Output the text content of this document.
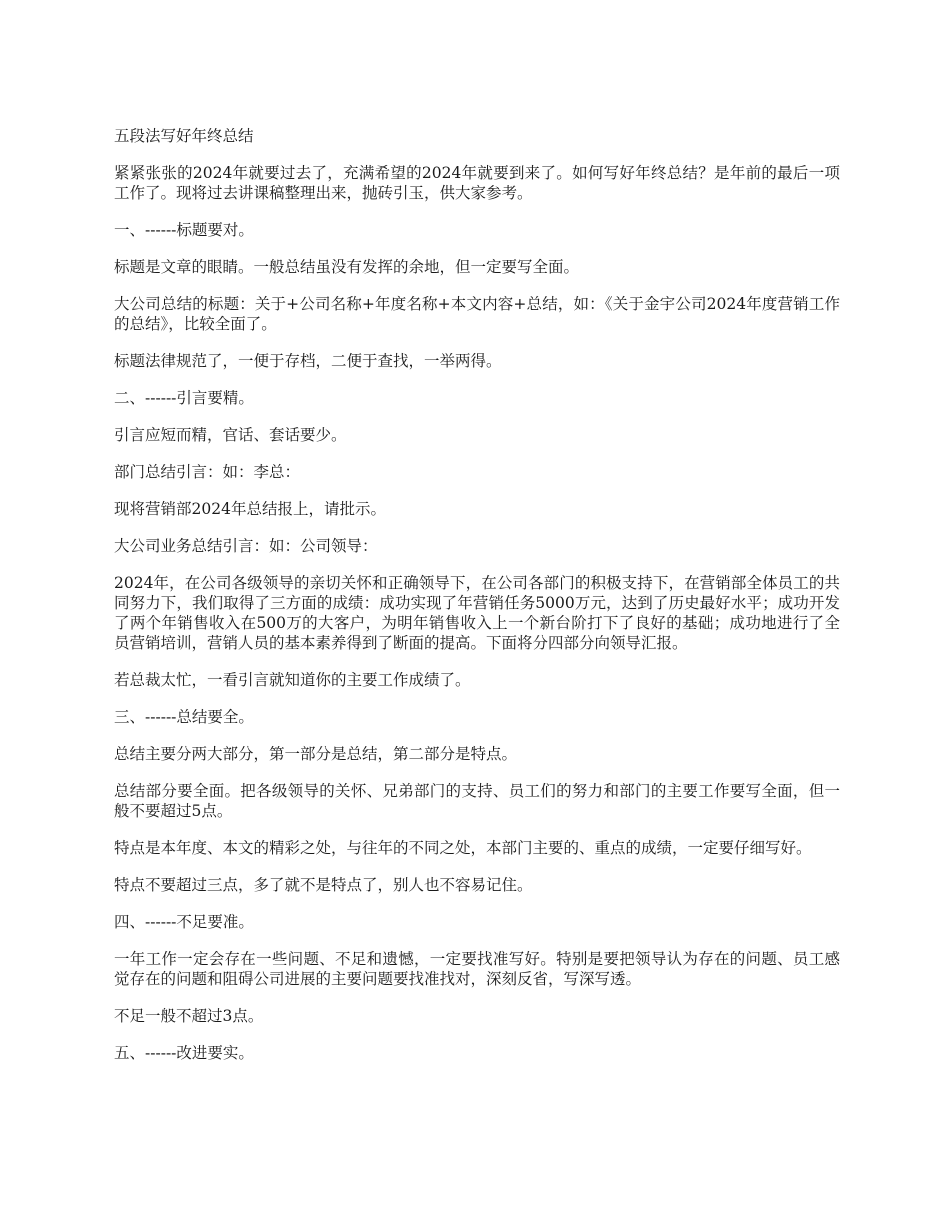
五段法写好年终总结

紧紧张张的2024年就要过去了，充满希望的2024年就要到来了。如何写好年终总结？是年前的最后一项工作了。现将过去讲课稿整理出来，抛砖引玉，供大家参考。

一、------标题要对。

标题是文章的眼睛。一般总结虽没有发挥的余地，但一定要写全面。

大公司总结的标题：关于+公司名称+年度名称+本文内容+总结，如：《关于金宇公司2024年度营销工作的总结》，比较全面了。

标题法律规范了，一便于存档，二便于查找，一举两得。

二、------引言要精。

引言应短而精，官话、套话要少。

部门总结引言：如：李总：

现将营销部2024年总结报上，请批示。

大公司业务总结引言：如：公司领导：

2024年，在公司各级领导的亲切关怀和正确领导下，在公司各部门的积极支持下，在营销部全体员工的共同努力下，我们取得了三方面的成绩：成功实现了年营销任务5000万元，达到了历史最好水平；成功开发了两个年销售收入在500万的大客户，为明年销售收入上一个新台阶打下了良好的基础；成功地进行了全员营销培训，营销人员的基本素养得到了断面的提高。下面将分四部分向领导汇报。

若总裁太忙，一看引言就知道你的主要工作成绩了。

三、------总结要全。

总结主要分两大部分，第一部分是总结，第二部分是特点。

总结部分要全面。把各级领导的关怀、兄弟部门的支持、员工们的努力和部门的主要工作要写全面，但一般不要超过5点。

特点是本年度、本文的精彩之处，与往年的不同之处，本部门主要的、重点的成绩，一定要仔细写好。

特点不要超过三点，多了就不是特点了，别人也不容易记住。

四、------不足要准。

一年工作一定会存在一些问题、不足和遗憾，一定要找准写好。特别是要把领导认为存在的问题、员工感觉存在的问题和阻碍公司进展的主要问题要找准找对，深刻反省，写深写透。

不足一般不超过3点。

五、------改进要实。
